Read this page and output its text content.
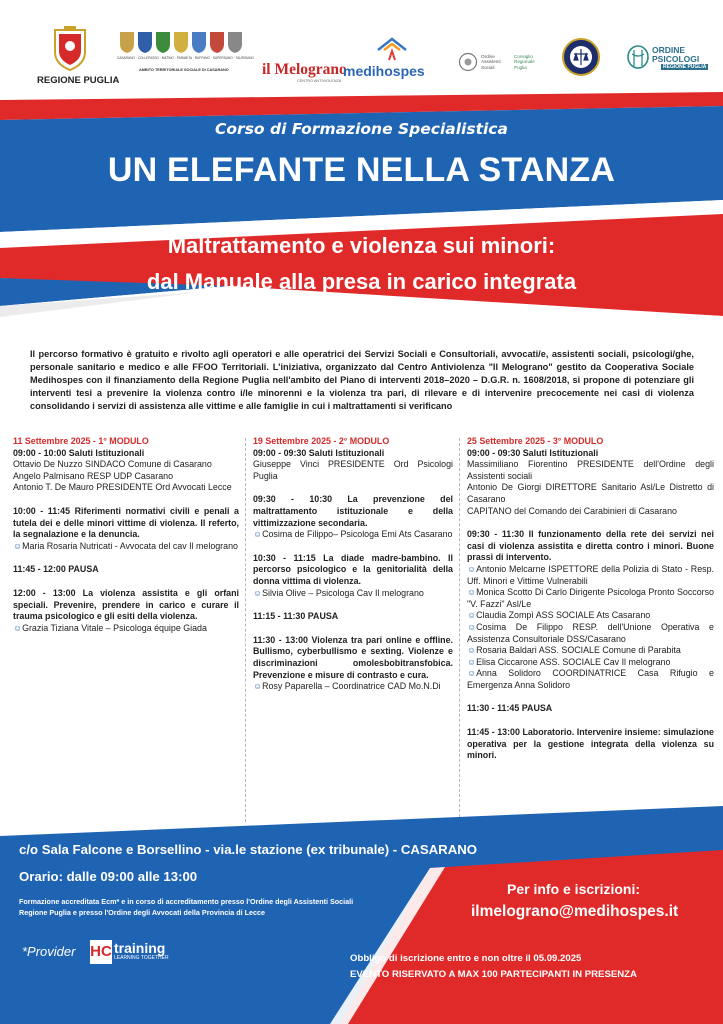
REGIONE PUGLIA
CASARANO · COLLEPASSO · MATINO · PARABITA · RUFFANO · SUPERSANO · TAURISANO
AMBITO TERRITORIALE SOCIALE DI CASARANO il Melograno
CENTRO ANTIVIOLENZA
medihospes
Ordine Assistenti Sociali
Consiglio Regionale Puglia
ORDINE PSICOLOGI
REGIONE PUGLIA
Corso di Formazione Specialistica
UN ELEFANTE NELLA STANZA
Maltrattamento e violenza sui minori:
dal Manuale alla presa in carico integrata
Il percorso formativo è gratuito e rivolto agli operatori e alle operatrici dei Servizi Sociali e Consultoriali, avvocati/e, assistenti sociali, psicologi/ghe, personale sanitario e medico e alle FFOO Territoriali. L'iniziativa, organizzato dal Centro Antiviolenza "Il Melograno" gestito da Cooperativa Sociale Medihospes con il finanziamento della Regione Puglia nell'ambito del Piano di interventi 2018–2020 – D.G.R. n. 1608/2018, si propone di potenziare gli interventi tesi a prevenire la violenza contro i/le minorenni e la violenza tra pari, di rilevare e di intervenire precocemente nei casi di violenza consolidando i servizi di assistenza alle vittime e alle famiglie in cui i maltrattamenti si verificano
11 Settembre 2025 - 1° MODULO
09:00 - 10:00 Saluti Istituzionali
Ottavio De Nuzzo SINDACO Comune di Casarano
Angelo Palmisano RESP UDP Casarano
Antonio T. De Mauro PRESIDENTE Ord Avvocati Lecce
10:00 - 11:45 Riferimenti normativi civili e penali a tutela dei e delle minori vittime di violenza. Il referto, la segnalazione e la denuncia.
☺ Maria Rosaria Nutricati - Avvocata del cav Il melograno
11:45 - 12:00 PAUSA
12:00 - 13:00 La violenza assistita e gli orfani speciali. Prevenire, prendere in carico e curare il trauma psicologico e gli esiti della violenza.
☺ Grazia Tiziana Vitale – Psicologa équipe Giada
19 Settembre 2025 - 2° MODULO
09:00 - 09:30 Saluti Istituzionali
Giuseppe Vinci PRESIDENTE Ord Psicologi Puglia
09:30 - 10:30 La prevenzione del maltrattamento istituzionale e della vittimizzazione secondaria.
☺ Cosima de Filippo– Psicologa Emi Ats Casarano
10:30 - 11:15 La diade madre-bambino. Il percorso psicologico e la genitorialità della donna vittima di violenza.
☺ Silvia Olive – Psicologa Cav Il melograno
11:15 - 11:30 PAUSA
11:30 - 13:00 Violenza tra pari online e offline. Bullismo, cyberbullismo e sexting. Violenze e discriminazioni omolesbobitransfobica. Prevenzione e misure di contrasto e cura.
☺ Rosy Paparella – Coordinatrice CAD Mo.N.Di
25 Settembre 2025 - 3° MODULO
09:00 - 09:30 Saluti Istituzionali
Massimiliano Fiorentino PRESIDENTE dell'Ordine degli Assistenti sociali
Antonio De Giorgi DIRETTORE Sanitario Asl/Le Distretto di Casarano
CAPITANO del Comando dei Carabinieri di Casarano
09:30 - 11:30 Il funzionamento della rete dei servizi nei casi di violenza assistita e diretta contro i minori. Buone prassi di intervento.
☺ Antonio Melcarne ISPETTORE della Polizia di Stato - Resp. Uff. Minori e Vittime Vulnerabili
☺ Monica Scotto Di Carlo Dirigente Psicologa Pronto Soccorso "V. Fazzi" Asl/Le
☺ Claudia Zompì ASS SOCIALE Ats Casarano
☺ Cosima De Filippo RESP. dell'Unione Operativa e Assistenza Consultoriale DSS/Casarano
☺ Rosaria Baldari ASS. SOCIALE Comune di Parabita
☺ Elisa Ciccarone ASS. SOCIALE Cav Il melograno
☺ Anna Solidoro COORDINATRICE Casa Rifugio e Emergenza Anna Solidoro
11:30 - 11:45 PAUSA
11:45 - 13:00 Laboratorio. Intervenire insieme: simulazione operativa per la gestione integrata della violenza su minori.
c/o Sala Falcone e Borsellino - via.le stazione (ex tribunale) - CASARANO
Orario: dalle 09:00 alle 13:00
Formazione accreditata Ecm* e in corso di accreditamento presso l'Ordine degli Assistenti Sociali Regione Puglia e presso l'Ordine degli Avvocati della Provincia di Lecce
Per info e iscrizioni:
ilmelograno@medihospes.it
*Provider HC training
LEARNING TOGETHER	Obbligo di iscrizione entro e non oltre il 05.09.2025
EVENTO RISERVATO A MAX 100 PARTECIPANTI IN PRESENZA
